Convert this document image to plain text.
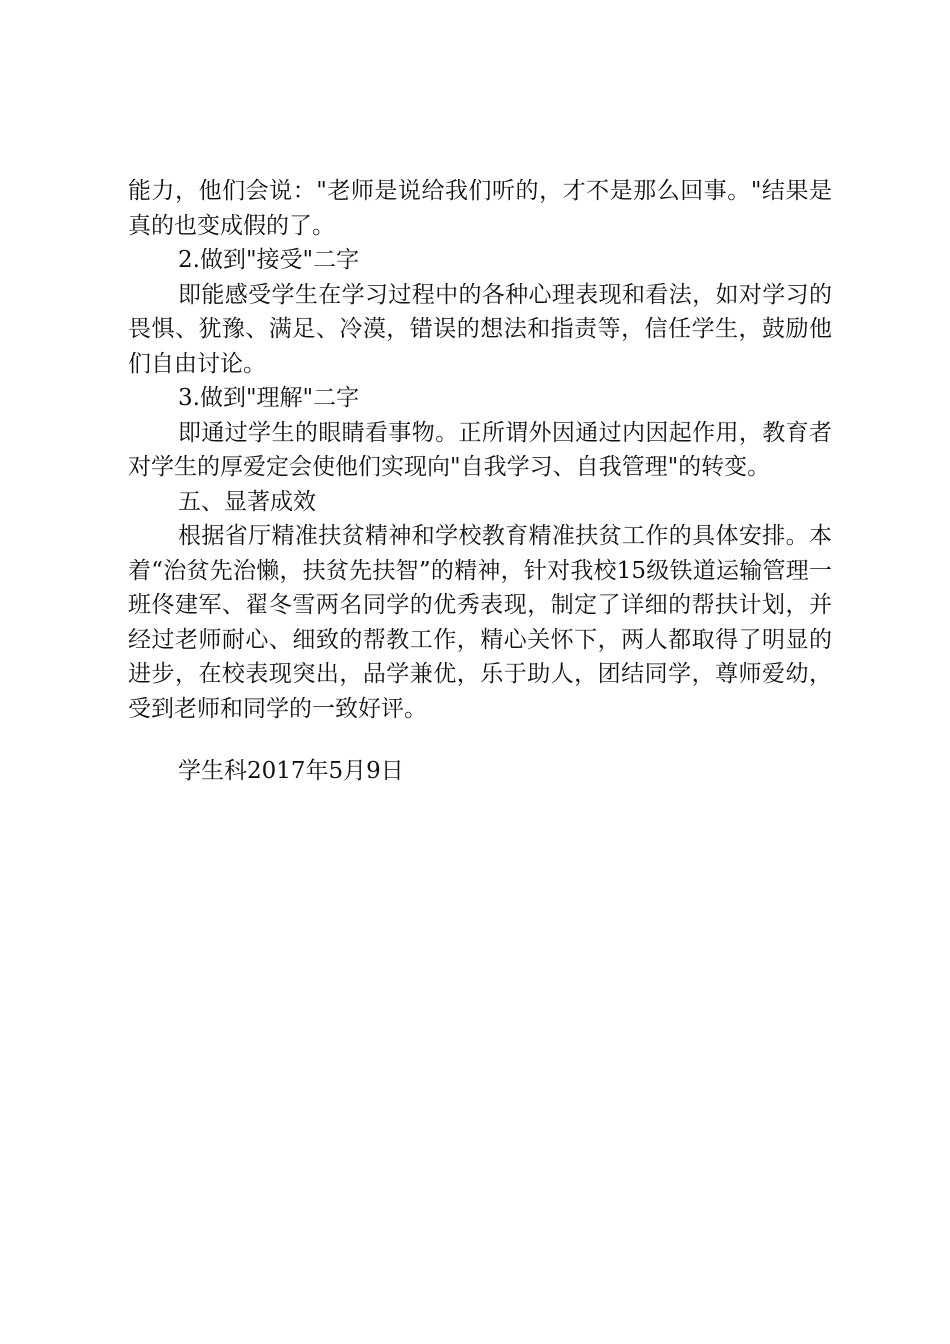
能力，他们会说："老师是说给我们听的，才不是那么回事。"结果是真的也变成假的了。

2.做到"接受"二字

即能感受学生在学习过程中的各种心理表现和看法，如对学习的畏惧、犹豫、满足、冷漠，错误的想法和指责等，信任学生，鼓励他们自由讨论。

3.做到"理解"二字

即通过学生的眼睛看事物。正所谓外因通过内因起作用，教育者对学生的厚爱定会使他们实现向"自我学习、自我管理"的转变。

五、显著成效

根据省厅精准扶贫精神和学校教育精准扶贫工作的具体安排。本着“治贫先治懒，扶贫先扶智”的精神，针对我校15级铁道运输管理一班佟建军、翟冬雪两名同学的优秀表现，制定了详细的帮扶计划，并经过老师耐心、细致的帮教工作，精心关怀下，两人都取得了明显的进步，在校表现突出，品学兼优，乐于助人，团结同学，尊师爱幼，受到老师和同学的一致好评。

学生科2017年5月9日
